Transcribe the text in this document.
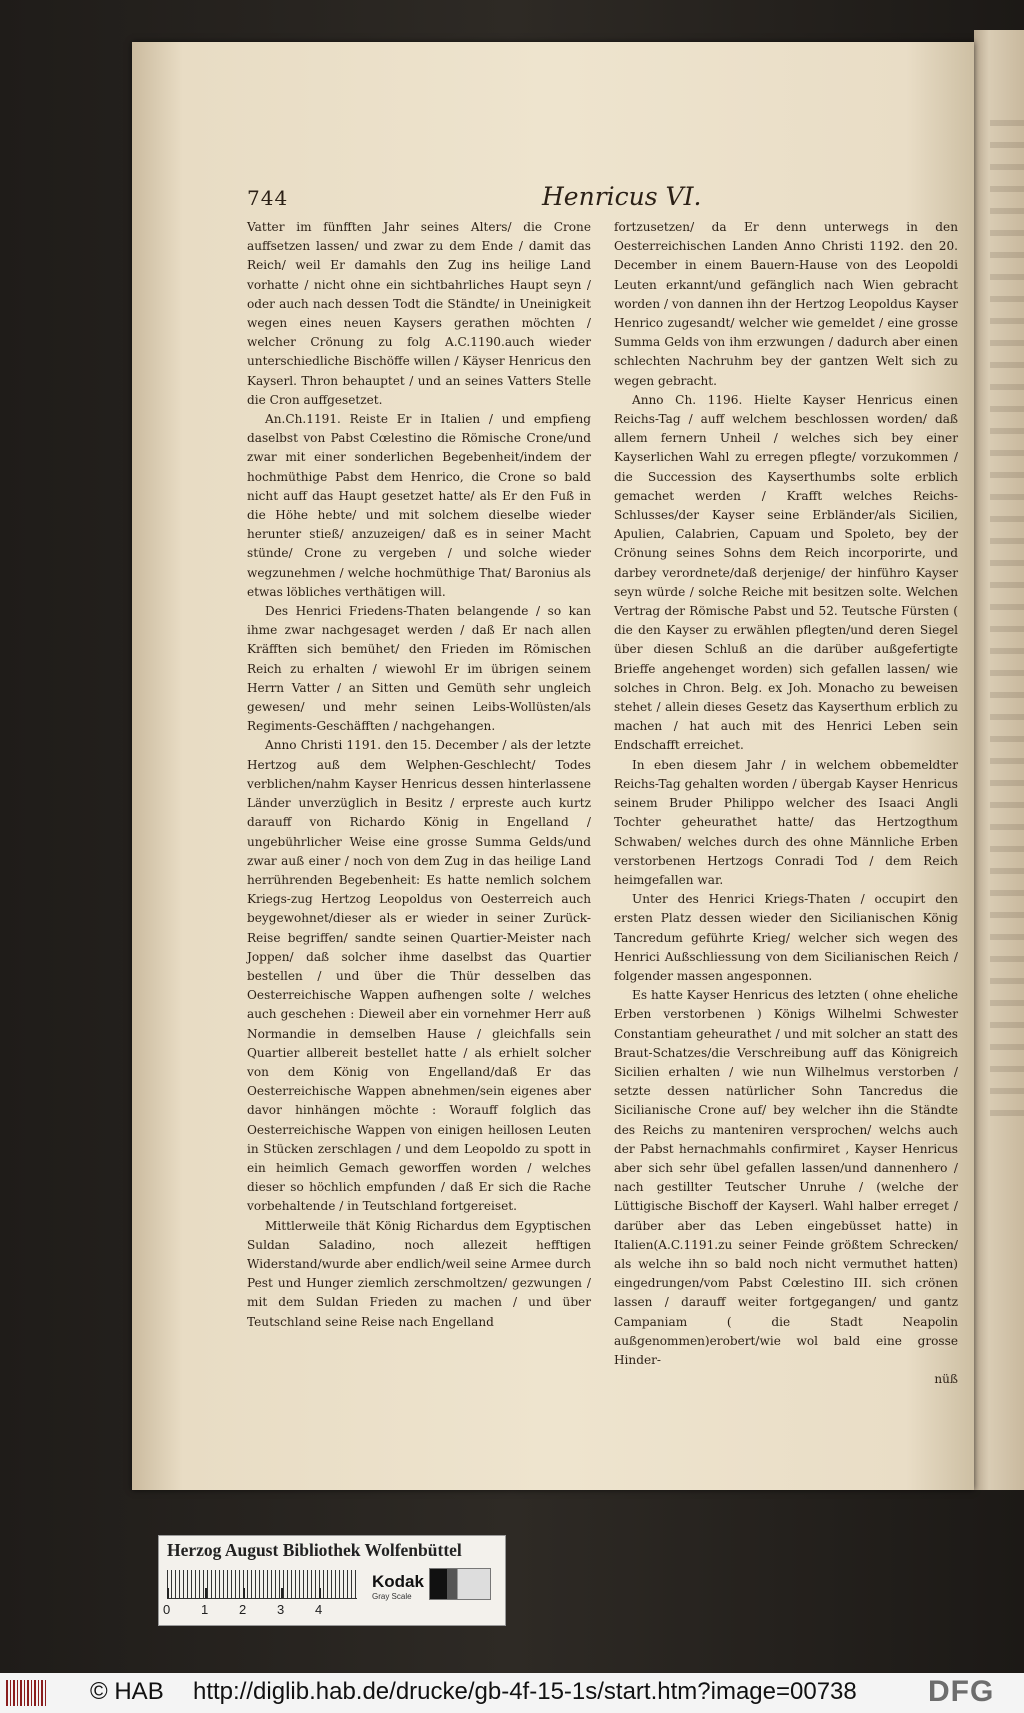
744	Henricus VI.

Vatter im fünfften Jahr seines Alters/ die Crone auffsetzen lassen/ und zwar zu dem Ende / damit das Reich/ weil Er damahls den Zug ins heilige Land vorhatte / nicht ohne ein sichtbahrliches Haupt seyn / oder auch nach dessen Todt die Ständte/ in Uneinigkeit wegen eines neuen Kaysers gerathen möchten / welcher Crönung zu folg A.C.1190.auch wieder unterschiedliche Bischöffe willen / Käyser Henricus den Kayserl. Thron behauptet / und an seines Vatters Stelle die Cron auffgesetzet.

An.Ch.1191. Reiste Er in Italien / und empfieng daselbst von Pabst Cœlestino die Römische Crone/und zwar mit einer sonderlichen Begebenheit/indem der hochmüthige Pabst dem Henrico, die Crone so bald nicht auff das Haupt gesetzet hatte/ als Er den Fuß in die Höhe hebte/ und mit solchem dieselbe wieder herunter stieß/ anzuzeigen/ daß es in seiner Macht stünde/ Crone zu vergeben / und solche wieder wegzunehmen / welche hochmüthige That/ Baronius als etwas löbliches verthätigen will.

Des Henrici Friedens-Thaten belangende / so kan ihme zwar nachgesaget werden / daß Er nach allen Kräfften sich bemühet/ den Frieden im Römischen Reich zu erhalten / wiewohl Er im übrigen seinem Herrn Vatter / an Sitten und Gemüth sehr ungleich gewesen/ und mehr seinen Leibs-Wollüsten/als Regiments-Geschäfften / nachgehangen.

Anno Christi 1191. den 15. December / als der letzte Hertzog auß dem Welphen-Geschlecht/ Todes verblichen/nahm Kayser Henricus dessen hinterlassene Länder unverzüglich in Besitz / erpreste auch kurtz darauff von Richardo König in Engelland / ungebührlicher Weise eine grosse Summa Gelds/und zwar auß einer / noch von dem Zug in das heilige Land herrührenden Begebenheit: Es hatte nemlich solchem Kriegs-zug Hertzog Leopoldus von Oesterreich auch beygewohnet/dieser als er wieder in seiner Zurück-Reise begriffen/ sandte seinen Quartier-Meister nach Joppen/ daß solcher ihme daselbst das Quartier bestellen / und über die Thür desselben das Oesterreichische Wappen aufhengen solte / welches auch geschehen : Dieweil aber ein vornehmer Herr auß Normandie in demselben Hause / gleichfalls sein Quartier allbereit bestellet hatte / als erhielt solcher von dem König von Engelland/daß Er das Oesterreichische Wappen abnehmen/sein eigenes aber davor hinhängen möchte : Worauff folglich das Oesterreichische Wappen von einigen heillosen Leuten in Stücken zerschlagen / und dem Leopoldo zu spott in ein heimlich Gemach geworffen worden / welches dieser so höchlich empfunden / daß Er sich die Rache vorbehaltende / in Teutschland fortgereiset.

Mittlerweile thät König Richardus dem Egyptischen Suldan Saladino, noch allezeit hefftigen Widerstand/wurde aber endlich/weil seine Armee durch Pest und Hunger ziemlich zerschmoltzen/ gezwungen / mit dem Suldan Frieden zu machen / und über Teutschland seine Reise nach Engelland

fortzusetzen/ da Er denn unterwegs in den Oesterreichischen Landen Anno Christi 1192. den 20. December in einem Bauern-Hause von des Leopoldi Leuten erkannt/und gefänglich nach Wien gebracht worden / von dannen ihn der Hertzog Leopoldus Kayser Henrico zugesandt/ welcher wie gemeldet / eine grosse Summa Gelds von ihm erzwungen / dadurch aber einen schlechten Nachruhm bey der gantzen Welt sich zu wegen gebracht.

Anno Ch. 1196. Hielte Kayser Henricus einen Reichs-Tag / auff welchem beschlossen worden/ daß allem fernern Unheil / welches sich bey einer Kayserlichen Wahl zu erregen pflegte/ vorzukommen / die Succession des Kayserthumbs solte erblich gemachet werden / Krafft welches Reichs-Schlusses/der Kayser seine Erbländer/als Sicilien, Apulien, Calabrien, Capuam und Spoleto, bey der Crönung seines Sohns dem Reich incorporirte, und darbey verordnete/daß derjenige/ der hinführo Kayser seyn würde / solche Reiche mit besitzen solte. Welchen Vertrag der Römische Pabst und 52. Teutsche Fürsten ( die den Kayser zu erwählen pflegten/und deren Siegel über diesen Schluß an die darüber außgefertigte Brieffe angehenget worden) sich gefallen lassen/ wie solches in Chron. Belg. ex Joh. Monacho zu beweisen stehet / allein dieses Gesetz das Kayserthum erblich zu machen / hat auch mit des Henrici Leben sein Endschafft erreichet.

In eben diesem Jahr / in welchem obbemeldter Reichs-Tag gehalten worden / übergab Kayser Henricus seinem Bruder Philippo welcher des Isaaci Angli Tochter geheurathet hatte/ das Hertzogthum Schwaben/ welches durch des ohne Männliche Erben verstorbenen Hertzogs Conradi Tod / dem Reich heimgefallen war.

Unter des Henrici Kriegs-Thaten / occupirt den ersten Platz dessen wieder den Sicilianischen König Tancredum geführte Krieg/ welcher sich wegen des Henrici Außschliessung von dem Sicilianischen Reich / folgender massen angesponnen.

Es hatte Kayser Henricus des letzten ( ohne eheliche Erben verstorbenen ) Königs Wilhelmi Schwester Constantiam geheurathet / und mit solcher an statt des Braut-Schatzes/die Verschreibung auff das Königreich Sicilien erhalten / wie nun Wilhelmus verstorben / setzte dessen natürlicher Sohn Tancredus die Sicilianische Crone auf/ bey welcher ihn die Ständte des Reichs zu manteniren versprochen/ welchs auch der Pabst hernachmahls confirmiret , Kayser Henricus aber sich sehr übel gefallen lassen/und dannenhero / nach gestillter Teutscher Unruhe / (welche der Lüttigische Bischoff der Kayserl. Wahl halber erreget / darüber aber das Leben eingebüsset hatte) in Italien(A.C.1191.zu seiner Feinde größtem Schrecken/ als welche ihn so bald noch nicht vermuthet hatten) eingedrungen/vom Pabst Cœlestino III. sich crönen lassen / darauff weiter fortgegangen/ und gantz Campaniam ( die Stadt Neapolin außgenommen)erobert/wie wol bald eine grosse Hinder-

nüß

Herzog August Bibliothek Wolfenbüttel
0 1 2 3 4
Kodak
Gray Scale
© HAB http://diglib.hab.de/drucke/gb-4f-15-1s/start.htm?image=00738 DFG
